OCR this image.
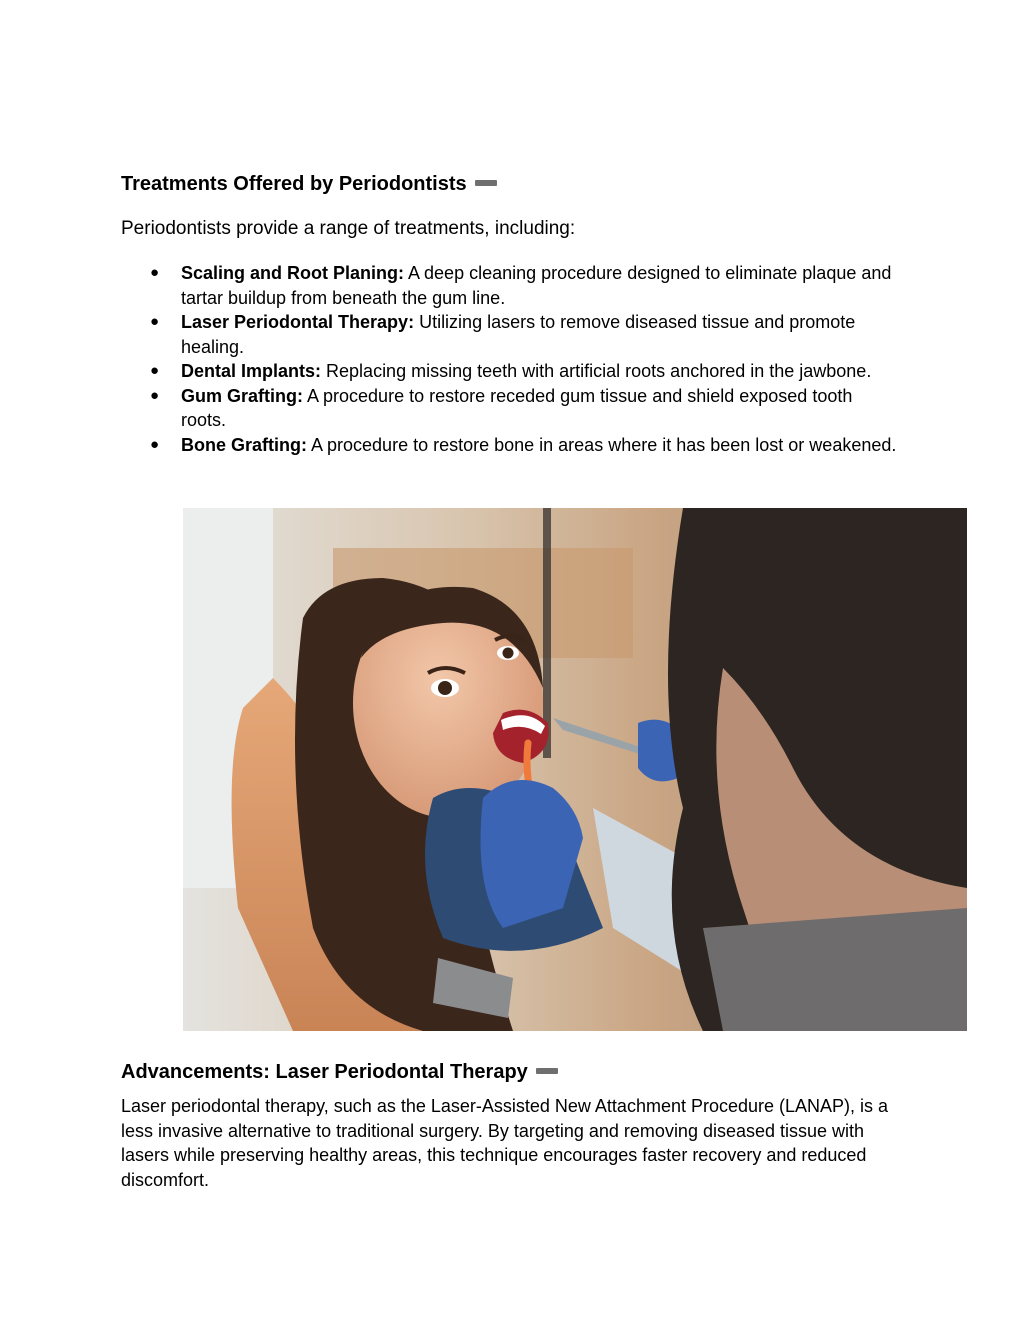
Treatments Offered by Periodontists

Periodontists provide a range of treatments, including:

● Scaling and Root Planing: A deep cleaning procedure designed to eliminate plaque and tartar buildup from beneath the gum line.
● Laser Periodontal Therapy: Utilizing lasers to remove diseased tissue and promote healing.
● Dental Implants: Replacing missing teeth with artificial roots anchored in the jawbone.
● Gum Grafting: A procedure to restore receded gum tissue and shield exposed tooth roots.
● Bone Grafting: A procedure to restore bone in areas where it has been lost or weakened.
Advancements: Laser Periodontal Therapy

Laser periodontal therapy, such as the Laser-Assisted New Attachment Procedure (LANAP), is a less invasive alternative to traditional surgery. By targeting and removing diseased tissue with lasers while preserving healthy areas, this technique encourages faster recovery and reduced discomfort.
